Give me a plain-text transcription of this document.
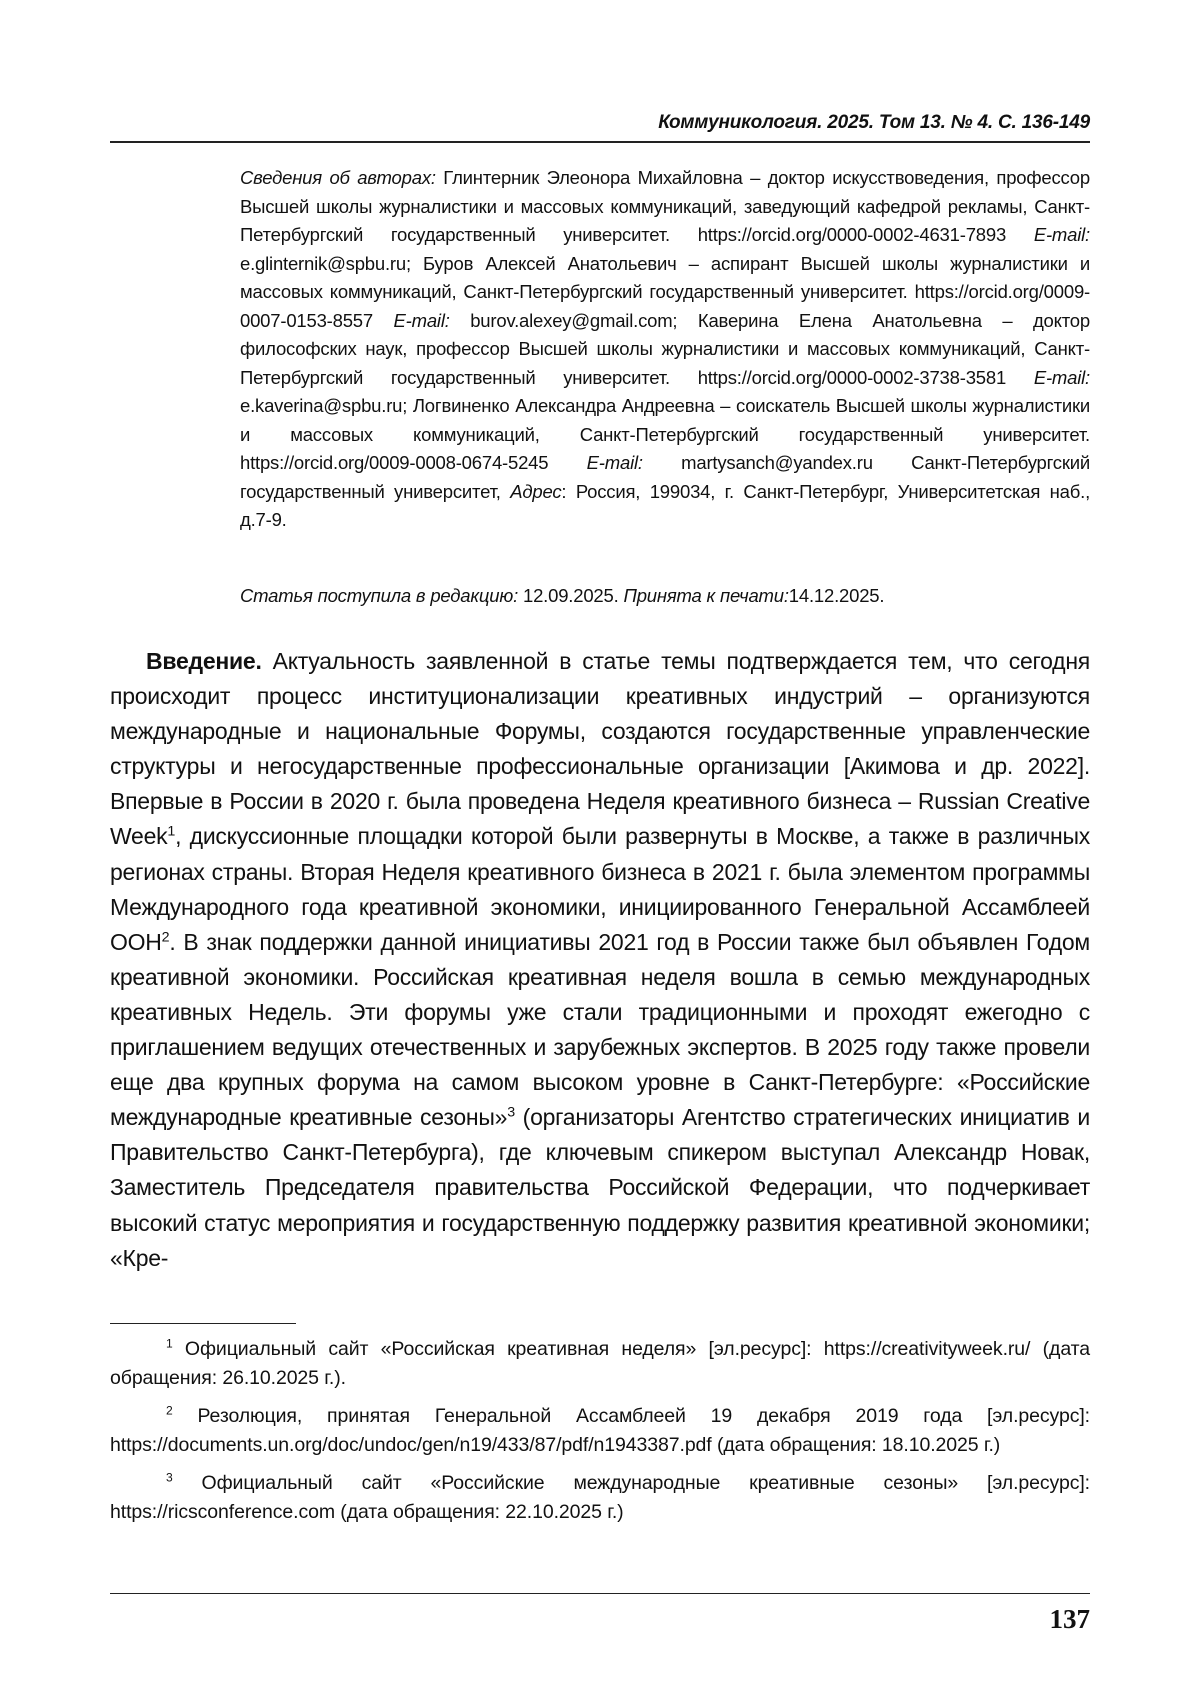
Коммуникология. 2025. Том 13. № 4. С. 136-149
Сведения об авторах: Глинтерник Элеонора Михайловна – доктор искусствоведения, профессор Высшей школы журналистики и массовых коммуникаций, заведующий кафедрой рекламы, Санкт-Петербургский государственный университет. https://orcid.org/0000-0002-4631-7893 E-mail: e.glinternik@spbu.ru; Буров Алексей Анатольевич – аспирант Высшей школы журналистики и массовых коммуникаций, Санкт-Петербургский государственный университет. https://orcid.org/0009-0007-0153-8557 E-mail: burov.alexey@gmail.com; Каверина Елена Анатольевна – доктор философских наук, профессор Высшей школы журналистики и массовых коммуникаций, Санкт-Петербургский государственный университет. https://orcid.org/0000-0002-3738-3581 E-mail: e.kaverina@spbu.ru; Логвиненко Александра Андреевна – соискатель Высшей школы журналистики и массовых коммуникаций, Санкт-Петербургский государственный университет. https://orcid.org/0009-0008-0674-5245 E-mail: martysanch@yandex.ru Санкт-Петербургский государственный университет, Адрес: Россия, 199034, г. Санкт-Петербург, Университетская наб., д.7-9.
Статья поступила в редакцию: 12.09.2025. Принята к печати:14.12.2025.
Введение. Актуальность заявленной в статье темы подтверждается тем, что сегодня происходит процесс институционализации креативных индустрий – организуются международные и национальные Форумы, создаются государственные управленческие структуры и негосударственные профессиональные организации [Акимова и др. 2022]. Впервые в России в 2020 г. была проведена Неделя креативного бизнеса – Russian Creative Week$^1$, дискуссионные площадки которой были развернуты в Москве, а также в различных регионах страны. Вторая Неделя креативного бизнеса в 2021 г. была элементом программы Международного года креативной экономики, инициированного Генеральной Ассамблеей ООН$^2$. В знак поддержки данной инициативы 2021 год в России также был объявлен Годом креативной экономики. Российская креативная неделя вошла в семью международных креативных Недель. Эти форумы уже стали традиционными и проходят ежегодно с приглашением ведущих отечественных и зарубежных экспертов. В 2025 году также провели еще два крупных форума на самом высоком уровне в Санкт-Петербурге: «Российские международные креативные сезоны»$^3$ (организаторы Агентство стратегических инициатив и Правительство Санкт-Петербурга), где ключевым спикером выступал Александр Новак, Заместитель Председателя правительства Российской Федерации, что подчеркивает высокий статус мероприятия и государственную поддержку развития креативной экономики; «Кре-

$^1$ Официальный сайт «Российская креативная неделя» [эл.ресурс]: https://creativityweek.ru/ (дата обращения: 26.10.2025 г.).

$^2$ Резолюция, принятая Генеральной Ассамблеей 19 декабря 2019 года [эл.ресурс]: https://documents.un.org/doc/undoc/gen/n19/433/87/pdf/n1943387.pdf (дата обращения: 18.10.2025 г.)

$^3$ Официальный сайт «Российские международные креативные сезоны» [эл.ресурс]: https://ricsconference.com (дата обращения: 22.10.2025 г.)

137
